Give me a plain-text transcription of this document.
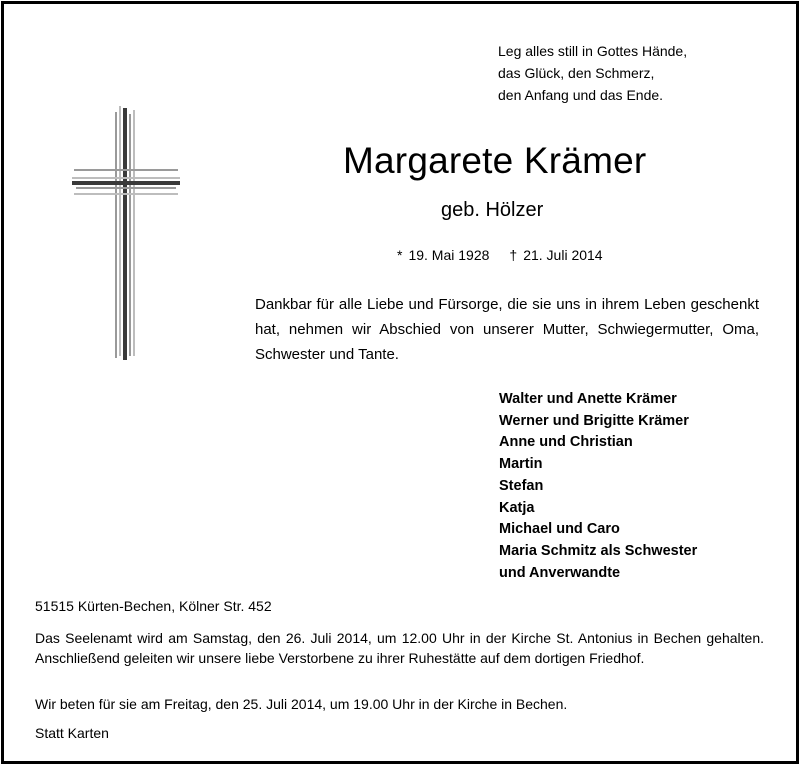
Leg alles still in Gottes Hände,
das Glück, den Schmerz,
den Anfang und das Ende.
Margarete Krämer
geb. Hölzer
* 19. Mai 1928 † 21. Juli 2014

Dankbar für alle Liebe und Fürsorge, die sie uns in ihrem Leben geschenkt hat, nehmen wir Abschied von unserer Mutter, Schwiegermutter, Oma, Schwester und Tante.

Walter und Anette Krämer
Werner und Brigitte Krämer
Anne und Christian
Martin
Stefan
Katja
Michael und Caro
Maria Schmitz als Schwester
und Anverwandte
51515 Kürten-Bechen, Kölner Str. 452

Das Seelenamt wird am Samstag, den 26. Juli 2014, um 12.00 Uhr in der Kirche St. Antonius in Bechen gehalten. Anschließend geleiten wir unsere liebe Verstorbene zu ihrer Ruhestätte auf dem dortigen Friedhof.

Wir beten für sie am Freitag, den 25. Juli 2014, um 19.00 Uhr in der Kirche in Bechen.
Statt Karten
